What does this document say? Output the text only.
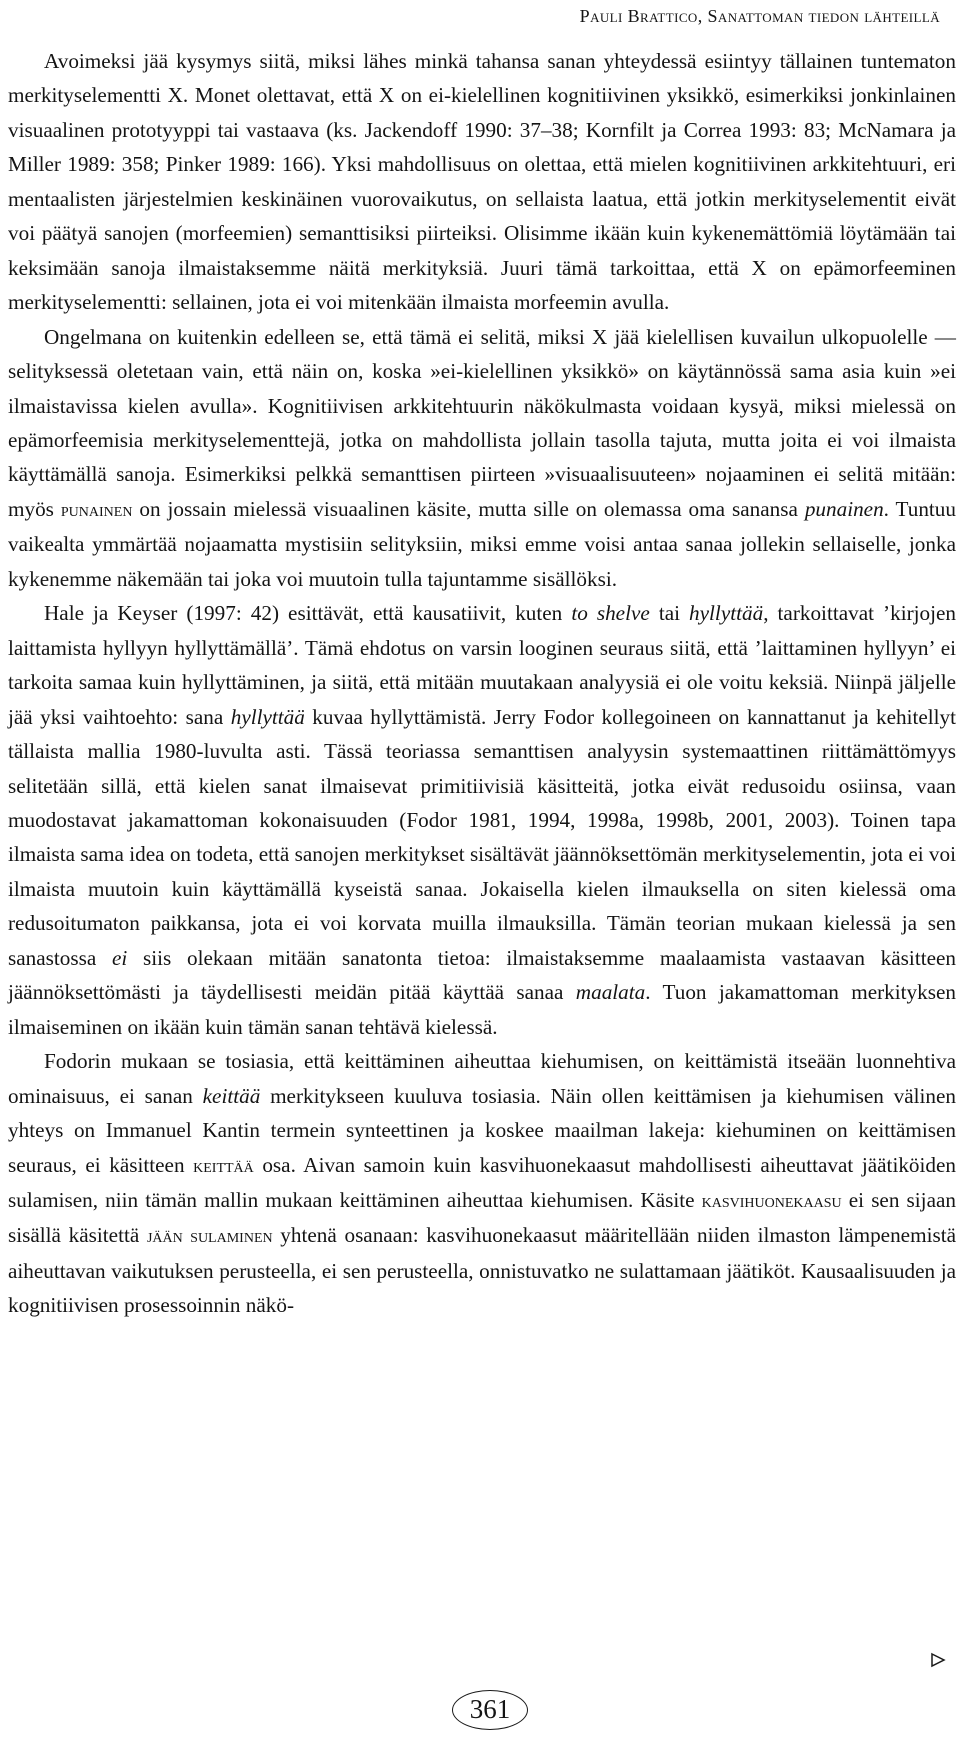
Pauli Brattico, Sanattoman tiedon lähteillä

Avoimeksi jää kysymys siitä, miksi lähes minkä tahansa sanan yhteydessä esiintyy tällainen tuntematon merkityselementti X. Monet olettavat, että X on ei-kielellinen kognitiivinen yksikkö, esimerkiksi jonkinlainen visuaalinen prototyyppi tai vastaava (ks. Jackendoff 1990: 37–38; Kornfilt ja Correa 1993: 83; McNamara ja Miller 1989: 358; Pinker 1989: 166). Yksi mahdollisuus on olettaa, että mielen kognitiivinen arkkitehtuuri, eri mentaalisten järjestelmien keskinäinen vuorovaikutus, on sellaista laatua, että jotkin merkityselementit eivät voi päätyä sanojen (morfeemien) semanttisiksi piirteiksi. Olisimme ikään kuin kykenemättömiä löytämään tai keksimään sanoja ilmaistaksemme näitä merkityksiä. Juuri tämä tarkoittaa, että X on epämorfeeminen merkityselementti: sellainen, jota ei voi mitenkään ilmaista morfeemin avulla.

Ongelmana on kuitenkin edelleen se, että tämä ei selitä, miksi X jää kielellisen kuvailun ulkopuolelle — selityksessä oletetaan vain, että näin on, koska »ei-kielellinen yksikkö» on käytännössä sama asia kuin »ei ilmaistavissa kielen avulla». Kognitiivisen arkkitehtuurin näkökulmasta voidaan kysyä, miksi mielessä on epämorfeemisia merkityselementtejä, jotka on mahdollista jollain tasolla tajuta, mutta joita ei voi ilmaista käyttämällä sanoja. Esimerkiksi pelkkä semanttisen piirteen »visuaalisuuteen» nojaaminen ei selitä mitään: myös punainen on jossain mielessä visuaalinen käsite, mutta sille on olemassa oma sanansa punainen. Tuntuu vaikealta ymmärtää nojaamatta mystisiin selityksiin, miksi emme voisi antaa sanaa jollekin sellaiselle, jonka kykenemme näkemään tai joka voi muutoin tulla tajuntamme sisällöksi.

Hale ja Keyser (1997: 42) esittävät, että kausatiivit, kuten to shelve tai hyllyttää, tarkoittavat ’kirjojen laittamista hyllyyn hyllyttämällä’. Tämä ehdotus on varsin looginen seuraus siitä, että ’laittaminen hyllyyn’ ei tarkoita samaa kuin hyllyttäminen, ja siitä, että mitään muutakaan analyysiä ei ole voitu keksiä. Niinpä jäljelle jää yksi vaihtoehto: sana hyllyttää kuvaa hyllyttämistä. Jerry Fodor kollegoineen on kannattanut ja kehitellyt tällaista mallia 1980-luvulta asti. Tässä teoriassa semanttisen analyysin systemaattinen riittämättömyys selitetään sillä, että kielen sanat ilmaisevat primitiivisiä käsitteitä, jotka eivät redusoidu osiinsa, vaan muodostavat jakamattoman kokonaisuuden (Fodor 1981, 1994, 1998a, 1998b, 2001, 2003). Toinen tapa ilmaista sama idea on todeta, että sanojen merkitykset sisältävät jäännöksettömän merkityselementin, jota ei voi ilmaista muutoin kuin käyttämällä kyseistä sanaa. Jokaisella kielen ilmauksella on siten kielessä oma redusoitumaton paikkansa, jota ei voi korvata muilla ilmauksilla. Tämän teorian mukaan kielessä ja sen sanastossa ei siis olekaan mitään sanatonta tietoa: ilmaistaksemme maalaamista vastaavan käsitteen jäännöksettömästi ja täydellisesti meidän pitää käyttää sanaa maalata. Tuon jakamattoman merkityksen ilmaiseminen on ikään kuin tämän sanan tehtävä kielessä.

Fodorin mukaan se tosiasia, että keittäminen aiheuttaa kiehumisen, on keittämistä itseään luonnehtiva ominaisuus, ei sanan keittää merkitykseen kuuluva tosiasia. Näin ollen keittämisen ja kiehumisen välinen yhteys on Immanuel Kantin termein synteettinen ja koskee maailman lakeja: kiehuminen on keittämisen seuraus, ei käsitteen keittää osa. Aivan samoin kuin kasvihuonekaasut mahdollisesti aiheuttavat jäätiköiden sulamisen, niin tämän mallin mukaan keittäminen aiheuttaa kiehumisen. Käsite kasvihuonekaasu ei sen sijaan sisällä käsitettä jään sulaminen yhtenä osanaan: kasvihuonekaasut määritellään niiden ilmaston lämpenemistä aiheuttavan vaikutuksen perusteella, ei sen perusteella, onnistuvatko ne sulattamaan jäätiköt. Kausaalisuuden ja kognitiivisen prosessoinnin näkö-

361
